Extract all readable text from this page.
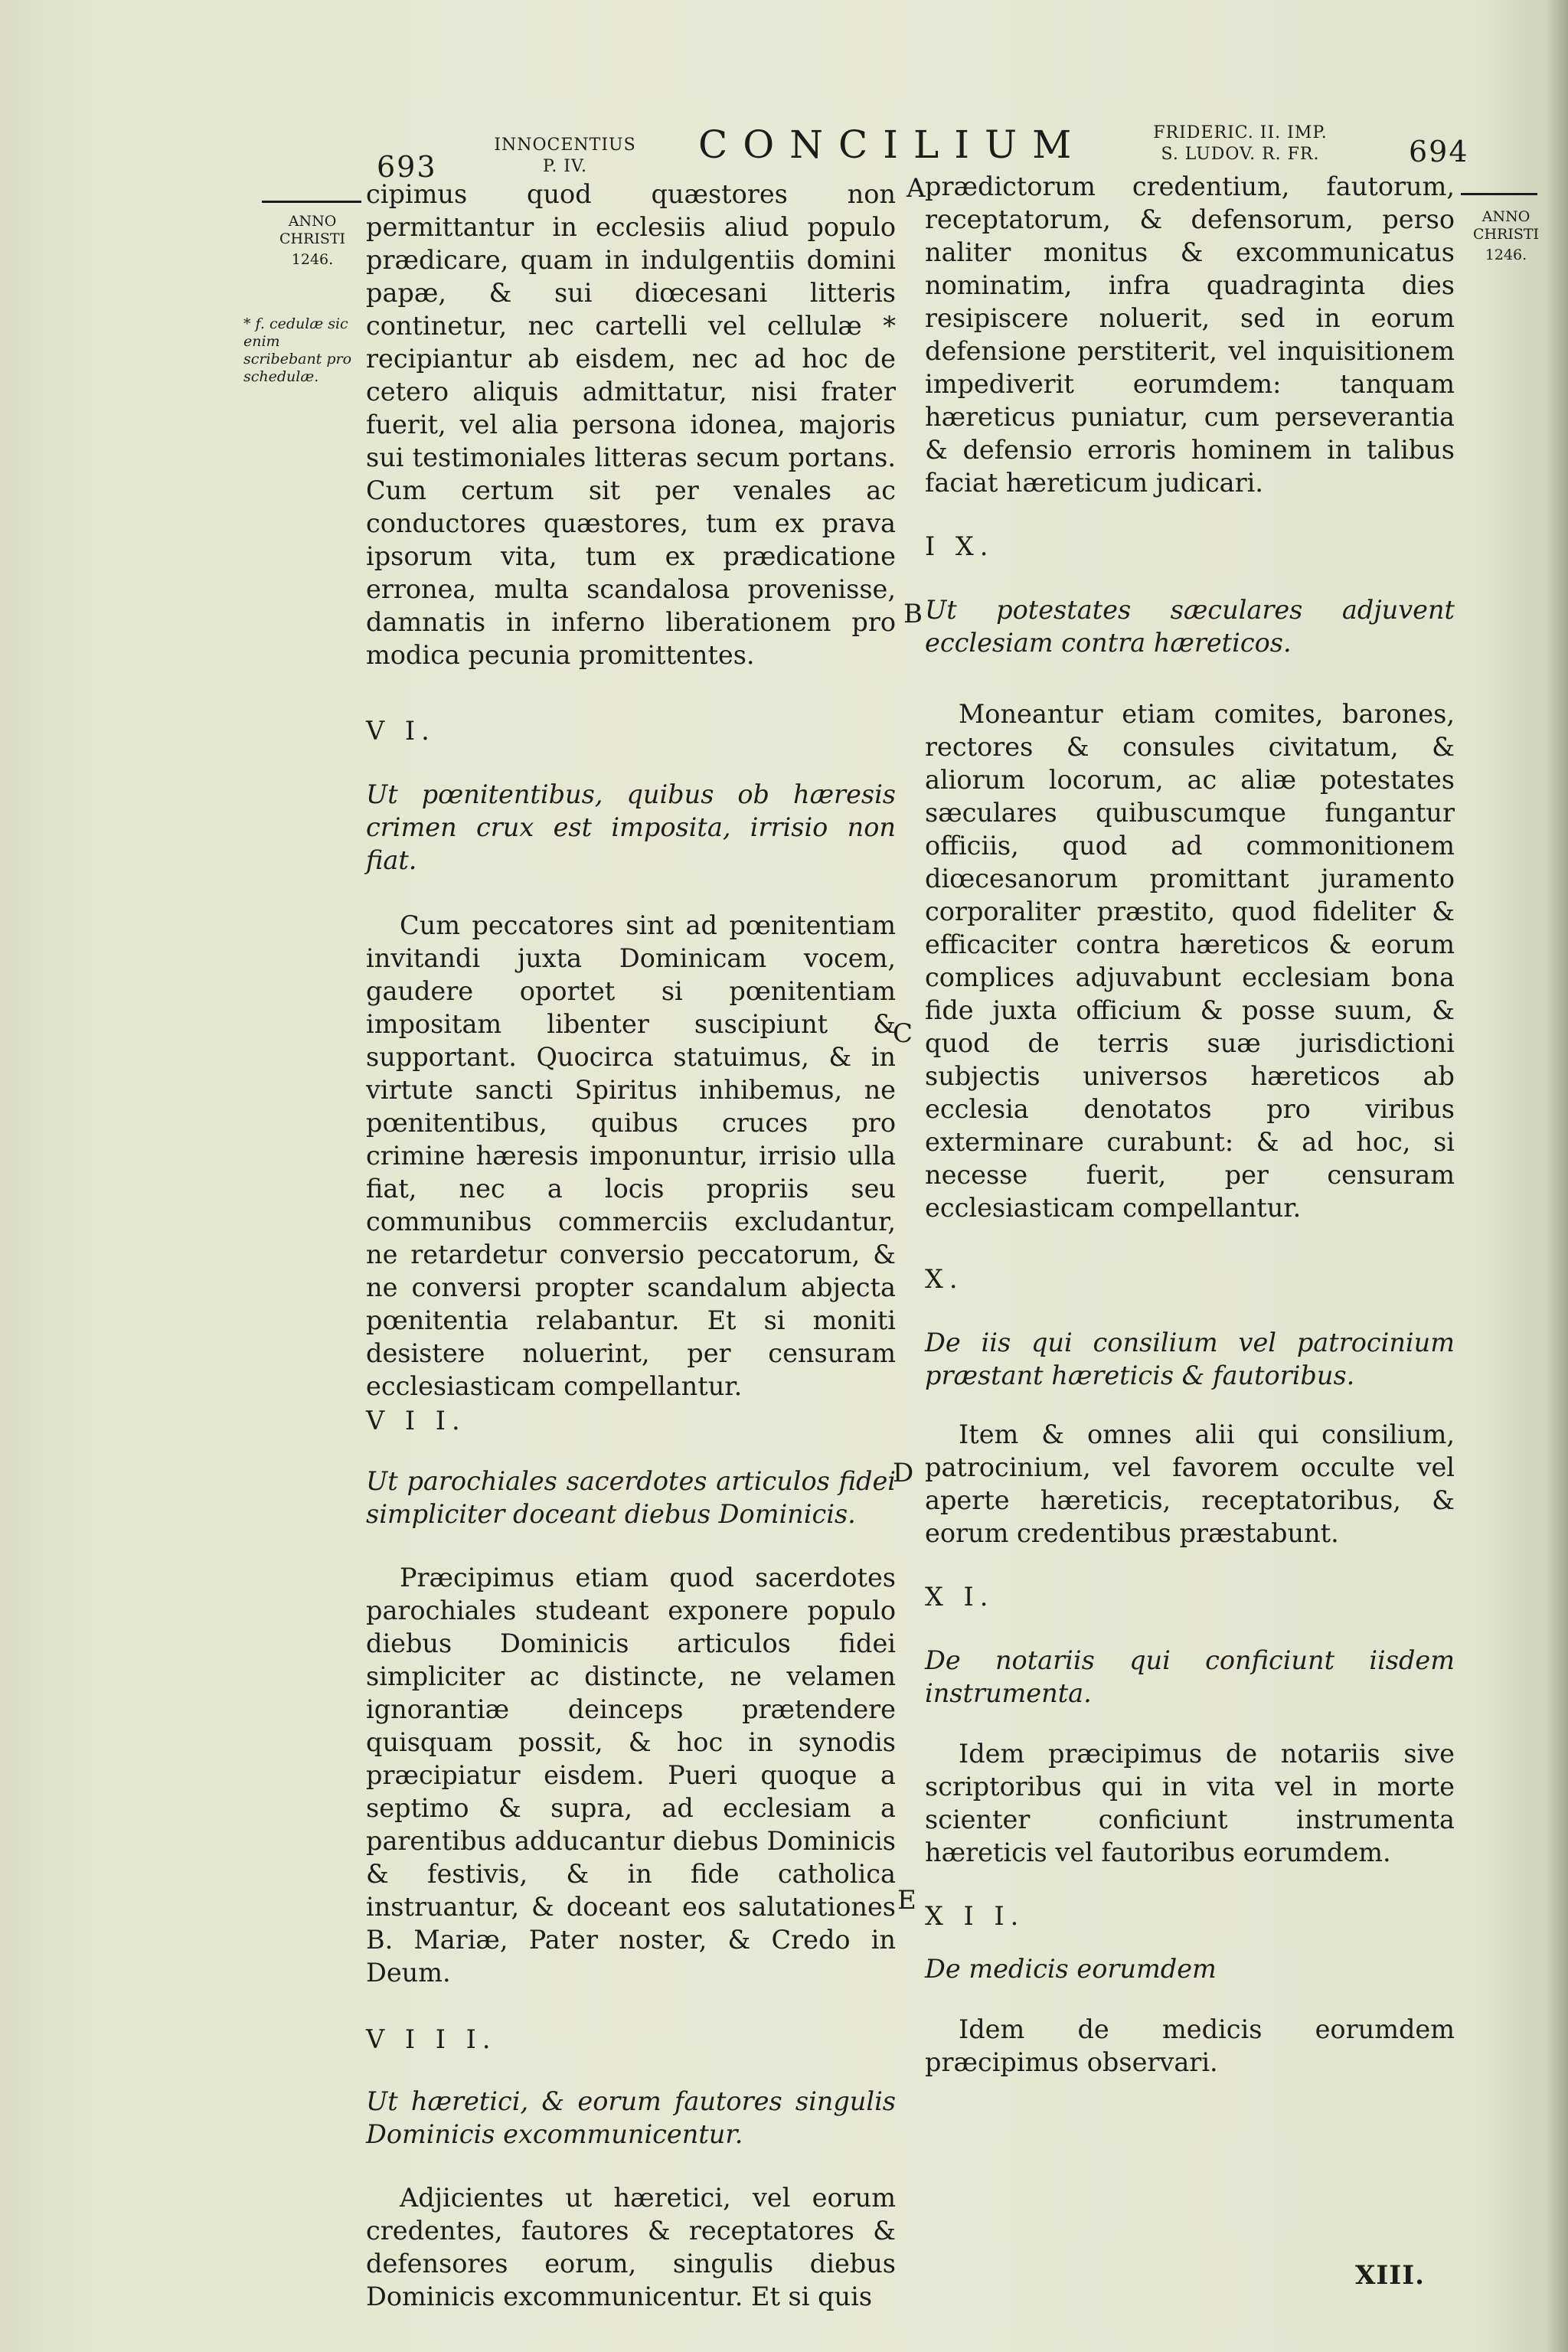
693
INNOCENTIUS
P. IV.	CONCILIUM	FRIDERIC. II. IMP.
S. LUDOV. R. FR.	694
ANNO CHRISTI
1246.
* f. cedulæ sic enim scribebant pro schedulæ.
ANNO CHRISTI
1246.
A
B
C
D
E

cipimus quod quæstores non permittantur in ecclesiis aliud populo prædicare, quam in indulgentiis domini papæ, & sui diœcesani litteris continetur, nec cartelli vel cellulæ * recipiantur ab eisdem, nec ad hoc de cetero aliquis admittatur, nisi frater fuerit, vel alia persona idonea, majoris sui testimoniales litteras secum portans. Cum certum sit per venales ac conductores quæstores, tum ex prava ipsorum vita, tum ex prædicatione erronea, multa scandalosa provenisse, damnatis in inferno liberationem pro modica pecunia promittentes.

V I.

Ut pœnitentibus, quibus ob hæresis crimen crux est imposita, irrisio non fiat.

Cum peccatores sint ad pœnitentiam invitandi juxta Dominicam vocem, gaudere oportet si pœnitentiam impositam libenter suscipiunt & supportant. Quocirca statuimus, & in virtute sancti Spiritus inhibemus, ne pœnitentibus, quibus cruces pro crimine hæresis imponuntur, irrisio ulla fiat, nec a locis propriis seu communibus commerciis excludantur, ne retardetur conversio peccatorum, & ne conversi propter scandalum abjecta pœnitentia relabantur. Et si moniti desistere noluerint, per censuram ecclesiasticam compellantur.

V I I.

Ut parochiales sacerdotes articulos fidei simpliciter doceant diebus Dominicis.

Præcipimus etiam quod sacerdotes parochiales studeant exponere populo diebus Dominicis articulos fidei simpliciter ac distincte, ne velamen ignorantiæ deinceps prætendere quisquam possit, & hoc in synodis præcipiatur eisdem. Pueri quoque a septimo & supra, ad ecclesiam a parentibus adducantur diebus Dominicis & festivis, & in fide catholica instruantur, & doceant eos salutationes B. Mariæ, Pater noster, & Credo in Deum.

V I I I.

Ut hæretici, & eorum fautores singulis Dominicis excommunicentur.

Adjicientes ut hæretici, vel eorum credentes, fautores & receptatores & defensores eorum, singulis diebus Dominicis excommunicentur. Et si quis

prædictorum credentium, fautorum, receptatorum, & defensorum, perso naliter monitus & excommunicatus nominatim, infra quadraginta dies resipiscere noluerit, sed in eorum defensione perstiterit, vel inquisitionem impediverit eorumdem: tanquam hæreticus puniatur, cum perseverantia & defensio erroris hominem in talibus faciat hæreticum judicari.

I X.

Ut potestates sæculares adjuvent ecclesiam contra hæreticos.

Moneantur etiam comites, barones, rectores & consules civitatum, & aliorum locorum, ac aliæ potestates sæculares quibuscumque fungantur officiis, quod ad commonitionem diœcesanorum promittant juramento corporaliter præstito, quod fideliter & efficaciter contra hæreticos & eorum complices adjuvabunt ecclesiam bona fide juxta officium & posse suum, & quod de terris suæ jurisdictioni subjectis universos hæreticos ab ecclesia denotatos pro viribus exterminare curabunt: & ad hoc, si necesse fuerit, per censuram ecclesiasticam compellantur.

X.

De iis qui consilium vel patrocinium præstant hæreticis & fautoribus.

Item & omnes alii qui consilium, patrocinium, vel favorem occulte vel aperte hæreticis, receptatoribus, & eorum credentibus præstabunt.

X I.

De notariis qui conficiunt iisdem instrumenta.

Idem præcipimus de notariis sive scriptoribus qui in vita vel in morte scienter conficiunt instrumenta hæreticis vel fautoribus eorumdem.

X I I.

De medicis eorumdem

Idem de medicis eorumdem præcipimus observari.

XIII.
